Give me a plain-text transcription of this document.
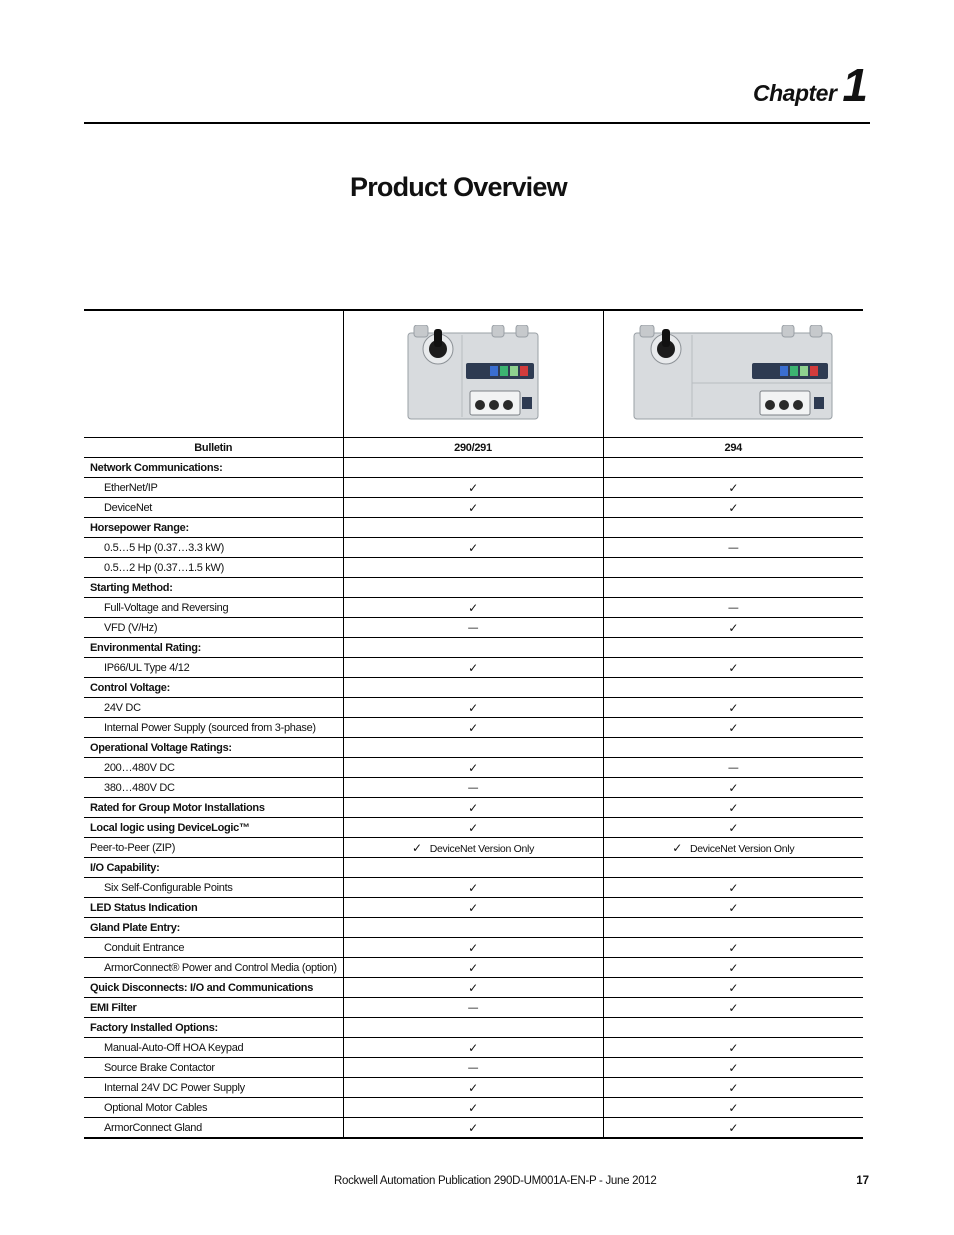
Chapter 1
Product Overview

Bulletin	290/291	294
Network Communications:		
EtherNet/IP	✓	✓
DeviceNet	✓	✓
Horsepower Range:		
0.5…5 Hp (0.37…3.3 kW)	✓	—
0.5…2 Hp (0.37…1.5 kW)		
Starting Method:		
Full-Voltage and Reversing	✓	—
VFD (V/Hz)	—	✓
Environmental Rating:		
IP66/UL Type 4/12	✓	✓
Control Voltage:		
24V DC	✓	✓
Internal Power Supply (sourced from 3-phase)	✓	✓
Operational Voltage Ratings:		
200…480V DC	✓	—
380…480V DC	—	✓
Rated for Group Motor Installations	✓	✓
Local logic using DeviceLogic™	✓	✓
Peer-to-Peer (ZIP)	✓ DeviceNet Version Only	✓ DeviceNet Version Only
I/O Capability:		
Six Self-Configurable Points	✓	✓
LED Status Indication	✓	✓
Gland Plate Entry:		
Conduit Entrance	✓	✓
ArmorConnect® Power and Control Media (option)	✓	✓
Quick Disconnects: I/O and Communications	✓	✓
EMI Filter	—	✓
Factory Installed Options:		
Manual-Auto-Off HOA Keypad	✓	✓
Source Brake Contactor	—	✓
Internal 24V DC Power Supply	✓	✓
Optional Motor Cables	✓	✓
ArmorConnect Gland	✓	✓
Rockwell Automation Publication 290D-UM001A-EN-P - June 2012	17
